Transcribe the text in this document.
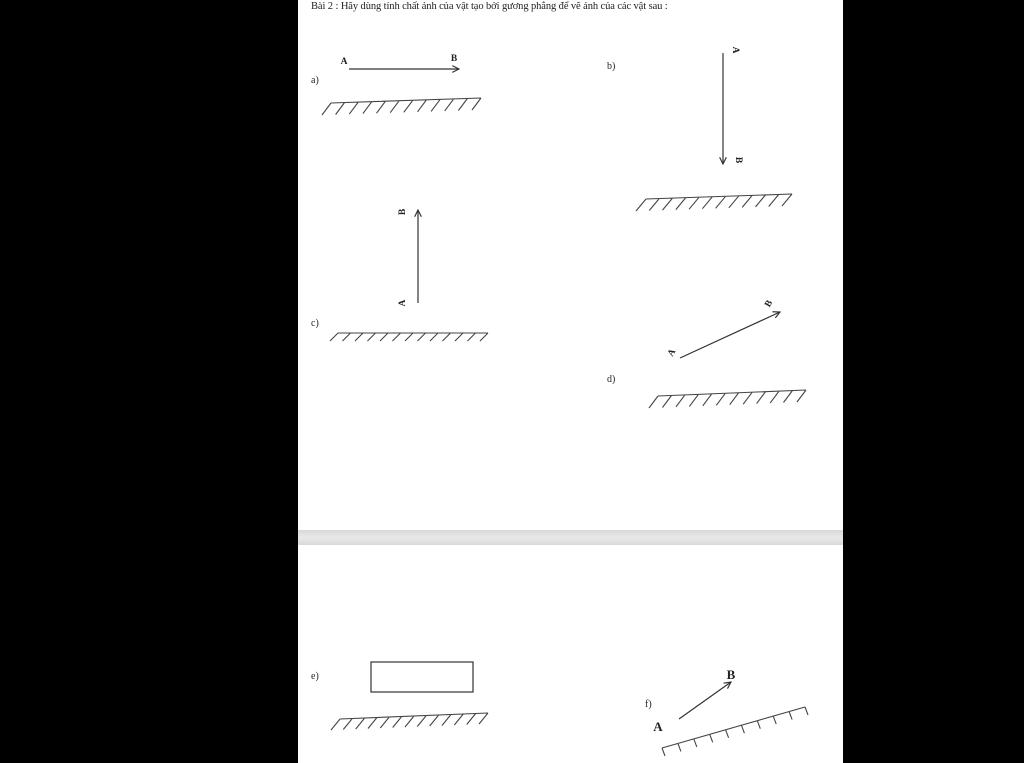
Bài 2 : Hãy dùng tính chất ảnh của vật tạo bởi gương phẳng để vẽ ảnh của các vật sau :
a)
A	B
b)
A
B
c)
A
B
d)
A
B
e)
f)
A
B
